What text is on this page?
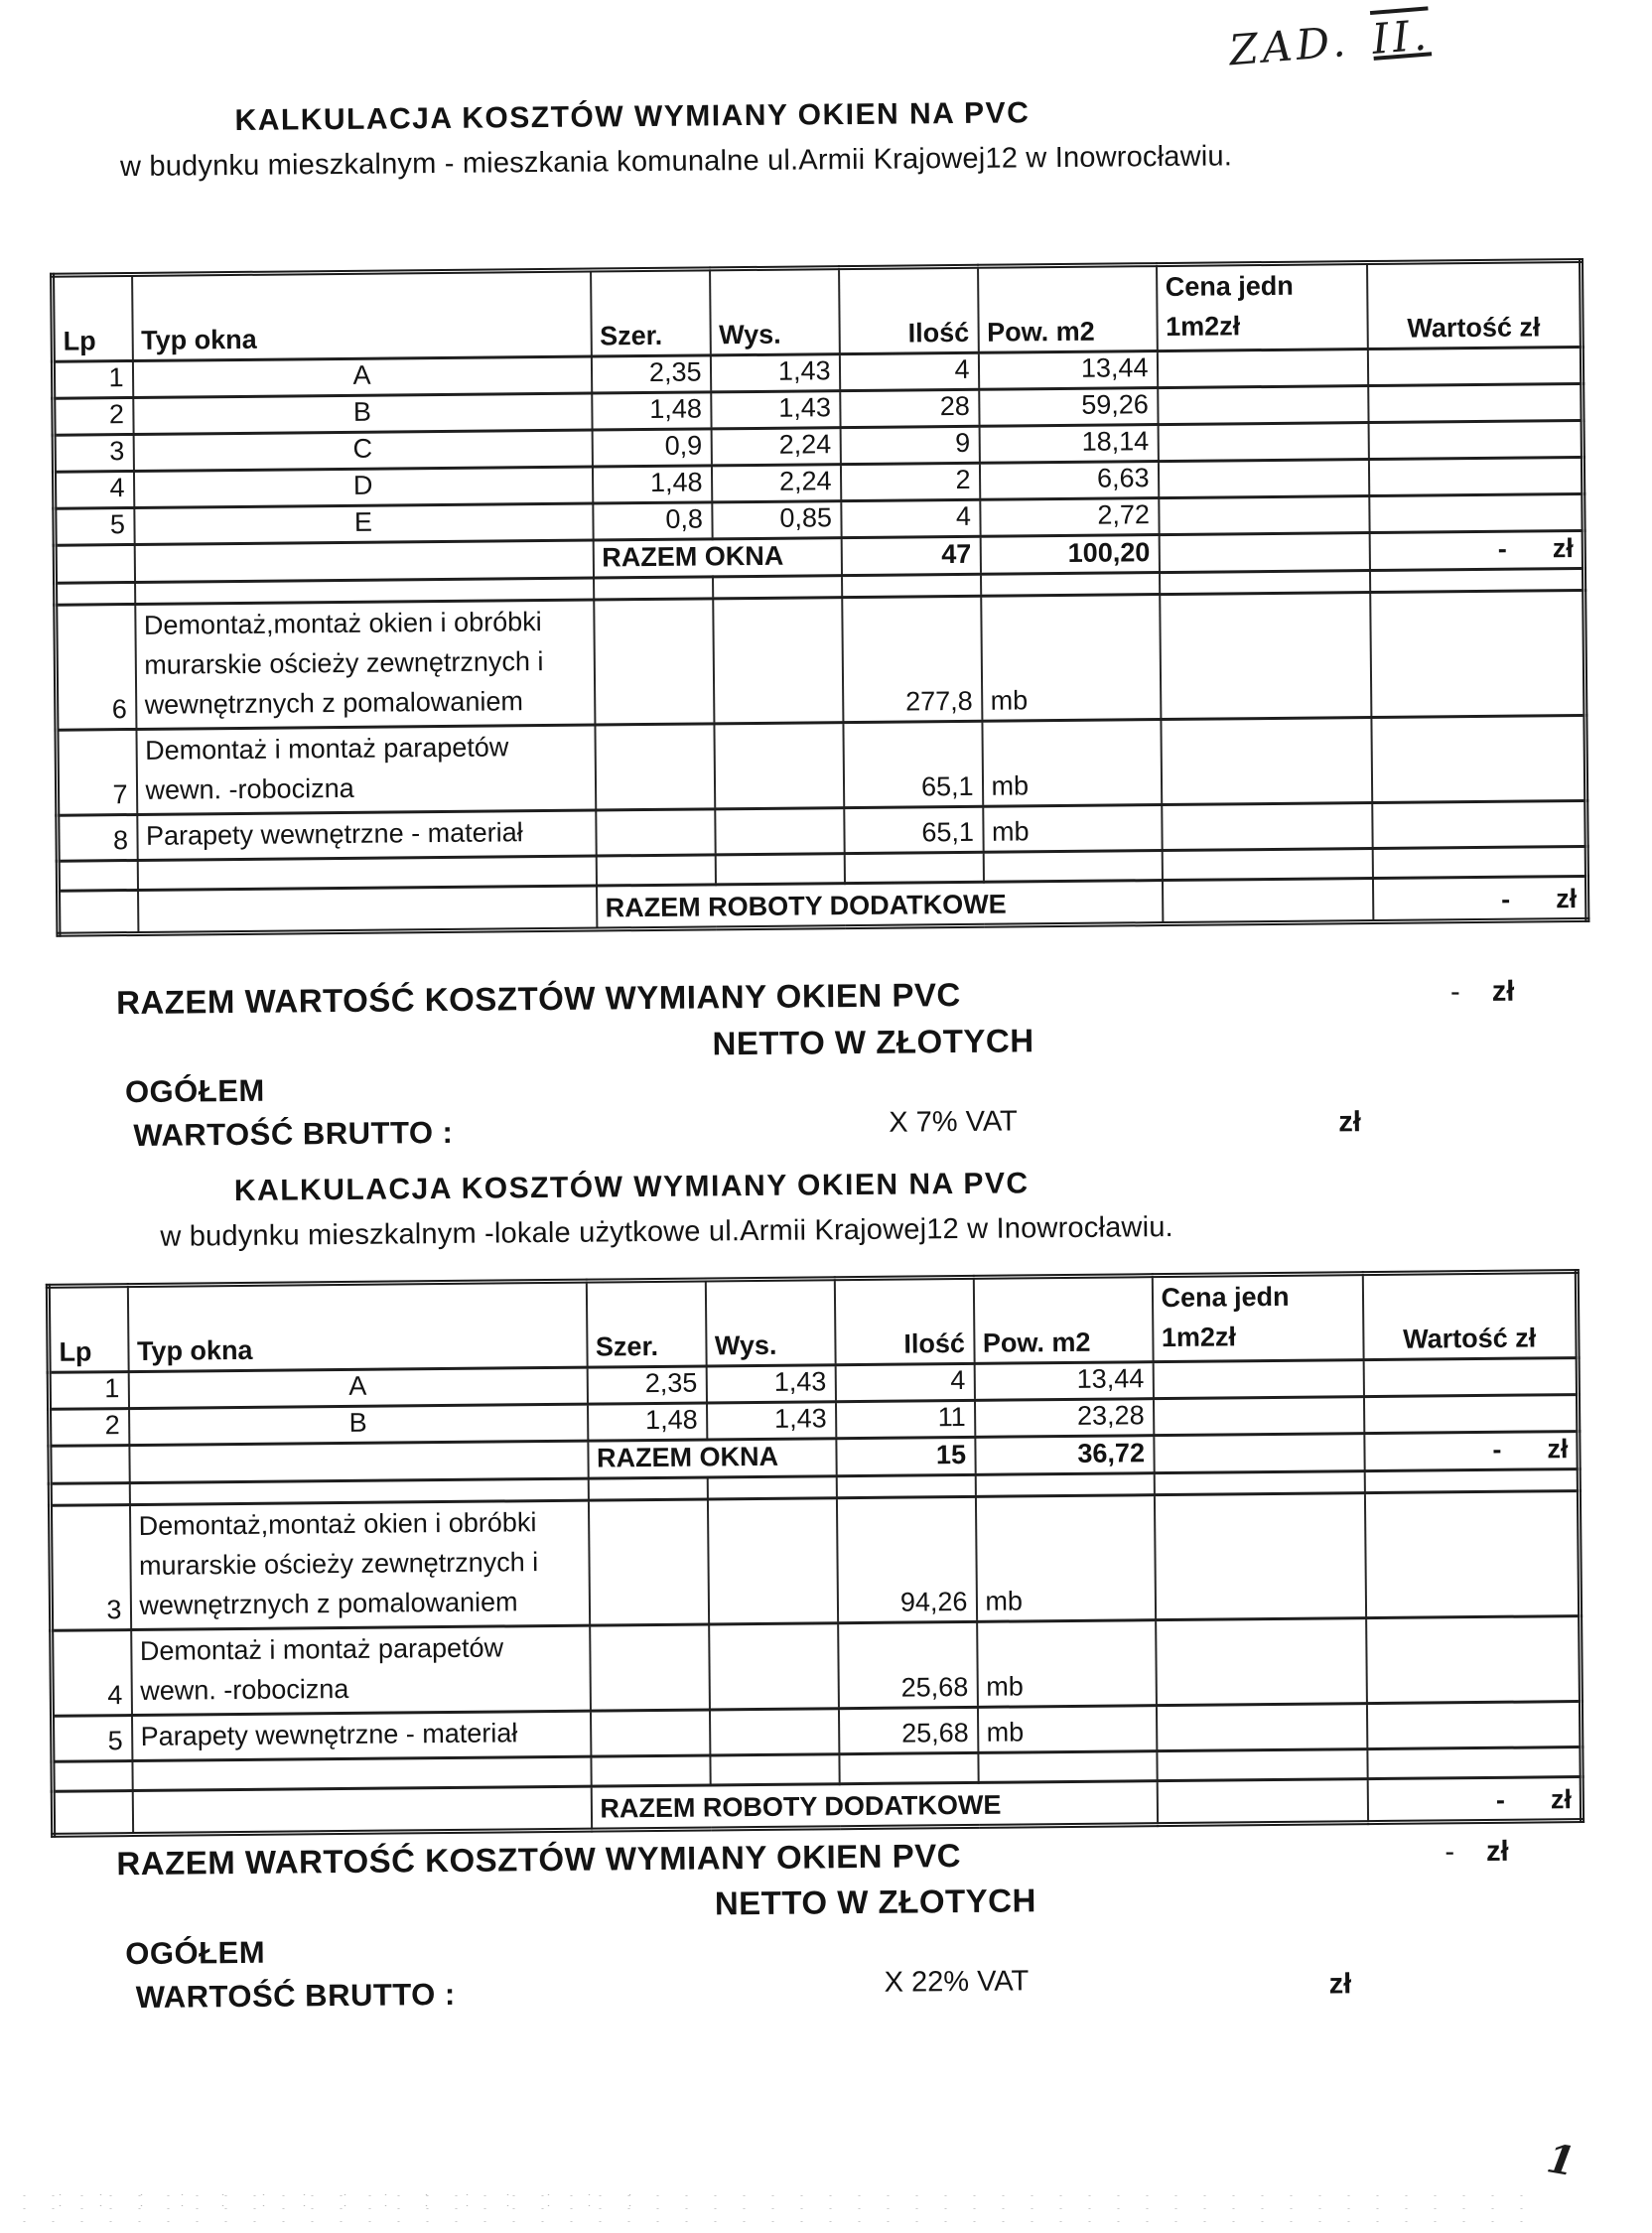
ZAD. II.
KALKULACJA KOSZTÓW WYMIANY OKIEN NA PVC
w budynku mieszkalnym - mieszkania komunalne ul.Armii Krajowej12 w Inowrocławiu.
Lp	Typ okna	Szer.	Wys.	Ilość	Pow. m2	Cena jedn
1m2zł	Wartość zł
1	A	2,35	1,43	4	13,44		
2	B	1,48	1,43	28	59,26		
3	C	0,9	2,24	9	18,14		
4	D	1,48	2,24	2	6,63		
5	E	0,8	0,85	4	2,72		
		RAZEM OKNA		47	100,20		- zł

6	Demontaż,montaż okien i obróbki
murarskie ościeży zewnętrznych i
wewnętrznych z pomalowaniem			277,8	mb		
7	Demontaż i montaż parapetów
wewn. -robocizna			65,1	mb		
8	Parapety wewnętrzne - materiał			65,1	mb		

		RAZEM ROBOTY DODATKOWE					- zł
RAZEM WARTOŚĆ KOSZTÓW WYMIANY OKIEN PVC	- zł
NETTO W ZŁOTYCH
OGÓŁEM
WARTOŚĆ BRUTTO :	X 7% VAT	zł
KALKULACJA KOSZTÓW WYMIANY OKIEN NA PVC
w budynku mieszkalnym -lokale użytkowe ul.Armii Krajowej12 w Inowrocławiu.
Lp	Typ okna	Szer.	Wys.	Ilość	Pow. m2	Cena jedn
1m2zł	Wartość zł
1	A	2,35	1,43	4	13,44		
2	B	1,48	1,43	11	23,28		
		RAZEM OKNA		15	36,72		- zł

3	Demontaż,montaż okien i obróbki
murarskie ościeży zewnętrznych i
wewnętrznych z pomalowaniem			94,26	mb		
4	Demontaż i montaż parapetów
wewn. -robocizna			25,68	mb		
5	Parapety wewnętrzne - materiał			25,68	mb		

		RAZEM ROBOTY DODATKOWE					- zł
RAZEM WARTOŚĆ KOSZTÓW WYMIANY OKIEN PVC	- zł
NETTO W ZŁOTYCH
OGÓŁEM
WARTOŚĆ BRUTTO :	X 22% VAT	zł
1
